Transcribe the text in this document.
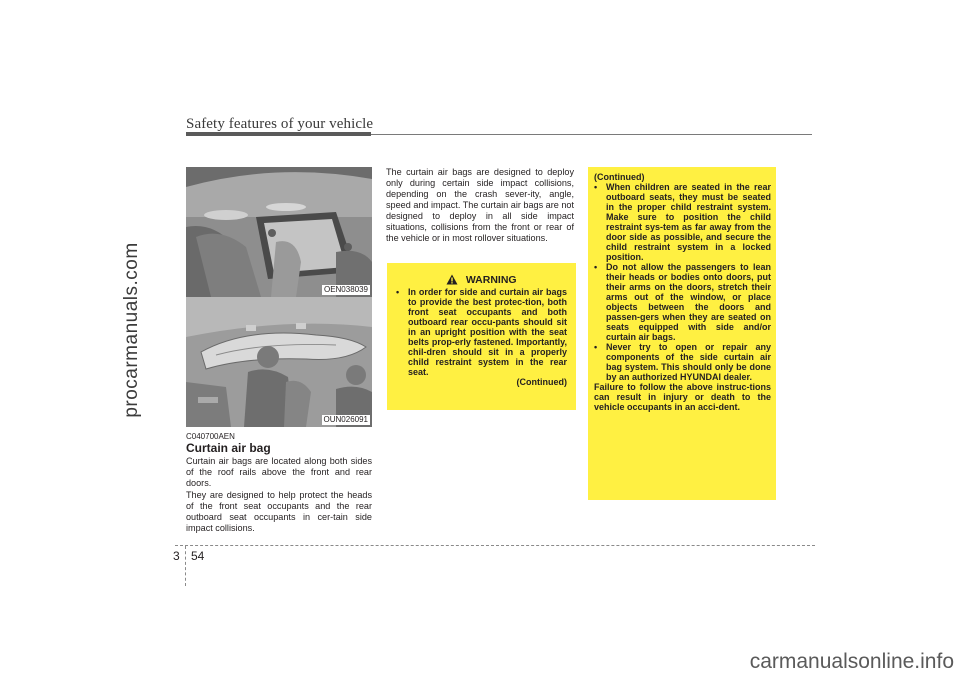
Safety features of your vehicle
procarmanuals.com
carmanualsonline.info
OEN038039
OUN026091
C040700AEN
Curtain air bag
Curtain air bags are located along both sides of the roof rails above the front and rear doors.
They are designed to help protect the heads of the front seat occupants and the rear outboard seat occupants in cer-tain side impact collisions.
The curtain air bags are designed to deploy only during certain side impact collisions, depending on the crash sever-ity, angle, speed and impact. The curtain air bags are not designed to deploy in all side impact situations, collisions from the front or rear of the vehicle or in most rollover situations.
WARNING
• In order for side and curtain air bags to provide the best protec-tion, both front seat occupants and both outboard rear occu-pants should sit in an upright position with the seat belts prop-erly fastened. Importantly, chil-dren should sit in a properly child restraint system in the rear seat.
(Continued)
(Continued)
• When children are seated in the rear outboard seats, they must be seated in the proper child restraint system. Make sure to position the child restraint sys-tem as far away from the door side as possible, and secure the child restraint system in a locked position.
• Do not allow the passengers to lean their heads or bodies onto doors, put their arms on the doors, stretch their arms out of the window, or place objects between the doors and passen-gers when they are seated on seats equipped with side and/or curtain air bags.
• Never try to open or repair any components of the side curtain air bag system. This should only be done by an authorized HYUNDAI dealer.
Failure to follow the above instruc-tions can result in injury or death to the vehicle occupants in an acci-dent.
3 54
